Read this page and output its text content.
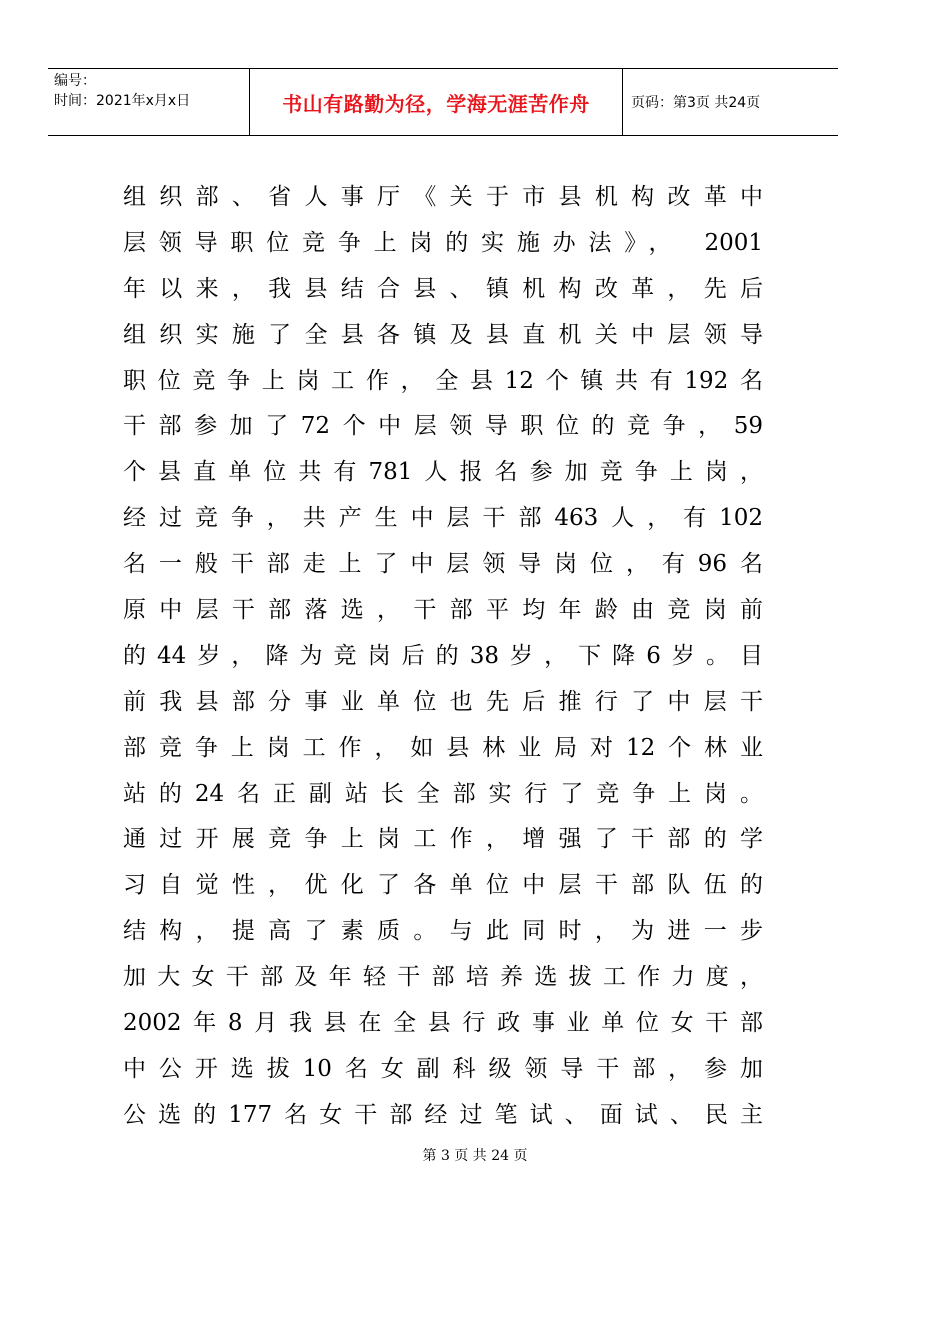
编号：
时间：2021年x月x日	书山有路勤为径，学海无涯苦作舟	页码：第3页 共24页
组织部、省人事厅《关于市县机构改革中
层领导职位竞争上岗的实施办法》， 2001
年以来，我县结合县、镇机构改革，先后
组织实施了全县各镇及县直机关中层领导
职位竞争上岗工作，全县12个镇共有192名
干部参加了72个中层领导职位的竞争，59
个县直单位共有781人报名参加竞争上岗，
经过竞争，共产生中层干部463人，有102
名一般干部走上了中层领导岗位，有96名
原中层干部落选，干部平均年龄由竞岗前
的44岁，降为竞岗后的38岁，下降6岁。目
前我县部分事业单位也先后推行了中层干
部竞争上岗工作，如县林业局对12个林业
站的24名正副站长全部实行了竞争上岗。
通过开展竞争上岗工作，增强了干部的学
习自觉性，优化了各单位中层干部队伍的
结构，提高了素质。与此同时，为进一步
加大女干部及年轻干部培养选拔工作力度，
2002年8月我县在全县行政事业单位女干部
中公开选拔10名女副科级领导干部，参加
公选的177名女干部经过笔试、面试、民主
第 3 页 共 24 页
